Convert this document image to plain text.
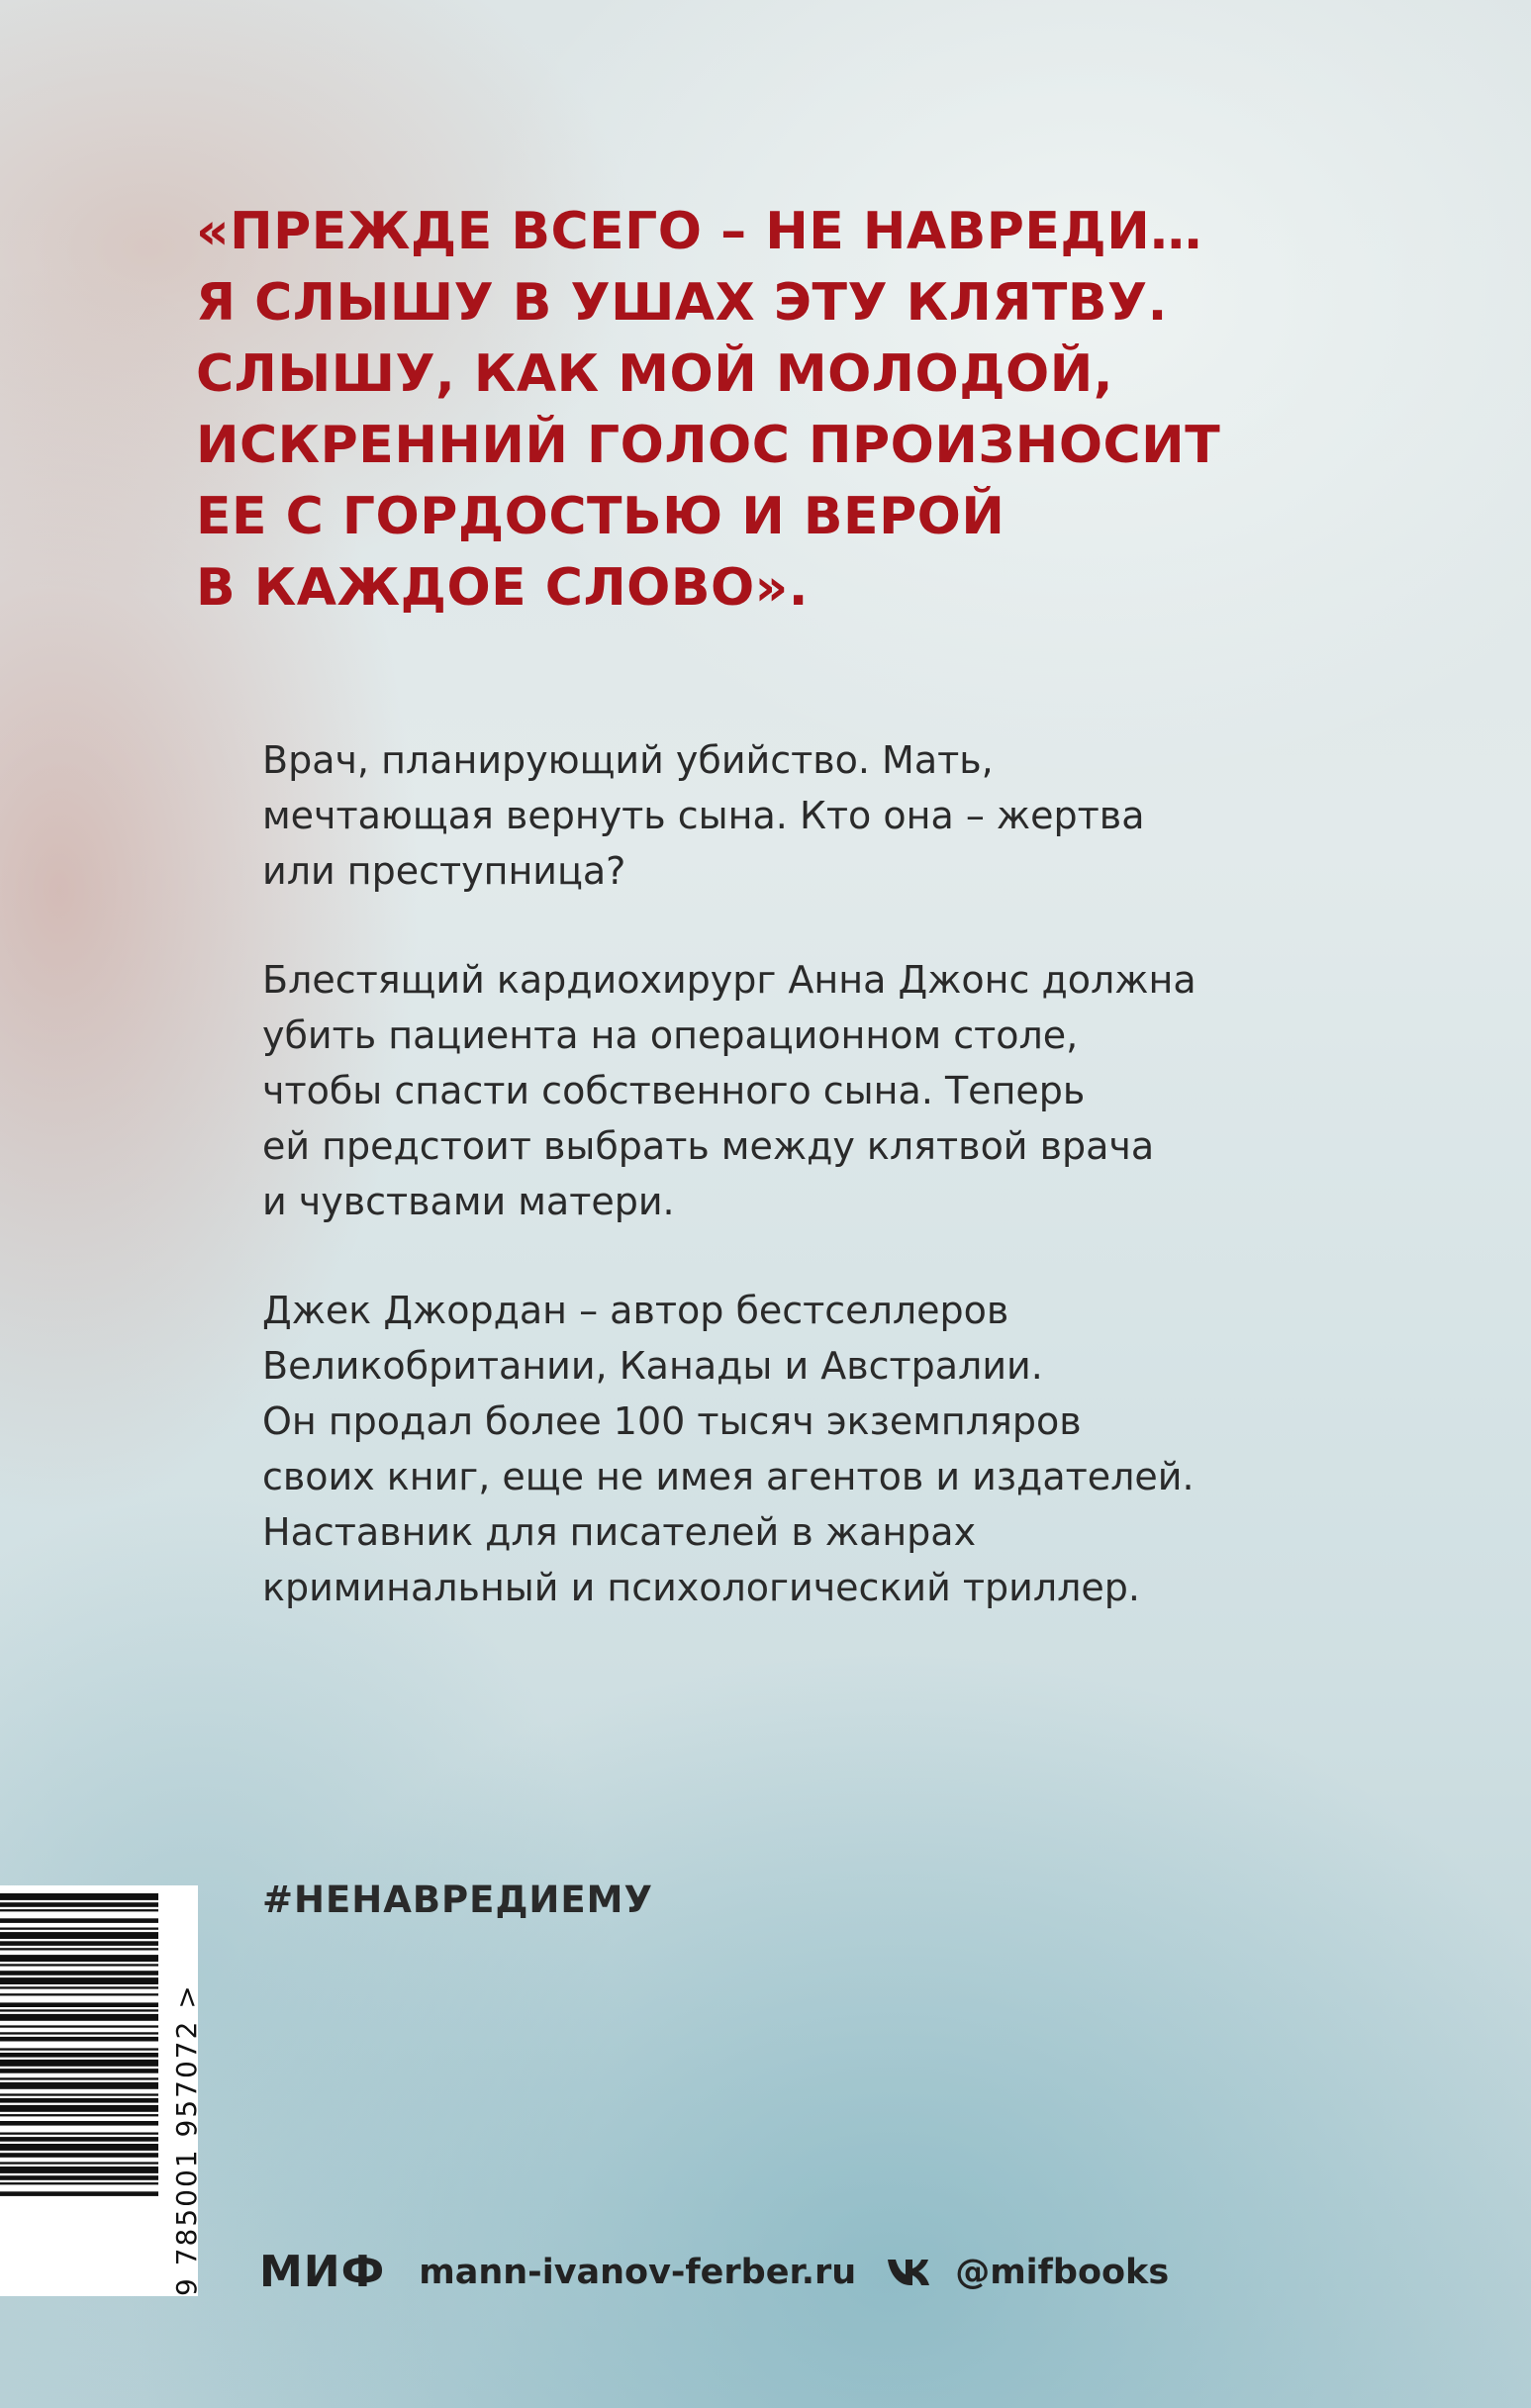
«ПРЕЖДЕ ВСЕГО – НЕ НАВРЕДИ…
Я СЛЫШУ В УШАХ ЭТУ КЛЯТВУ.
СЛЫШУ, КАК МОЙ МОЛОДОЙ,
ИСКРЕННИЙ ГОЛОС ПРОИЗНОСИТ
ЕЕ С ГОРДОСТЬЮ И ВЕРОЙ
В КАЖДОЕ СЛОВО».

Врач, планирующий убийство. Мать,
мечтающая вернуть сына. Кто она – жертва
или преступница?

Блестящий кардиохирург Анна Джонс должна
убить пациента на операционном столе,
чтобы спасти собственного сына. Теперь
ей предстоит выбрать между клятвой врача
и чувствами матери.

Джек Джордан – автор бестселлеров
Великобритании, Канады и Австралии.
Он продал более 100 тысяч экземпляров
своих книг, еще не имея агентов и издателей.
Наставник для писателей в жанрах
криминальный и психологический триллер.

#НЕНАВРЕДИЕМУ
9 785001 957072 > МИФ mann-ivanov-ferber.ru	@mifbooks
